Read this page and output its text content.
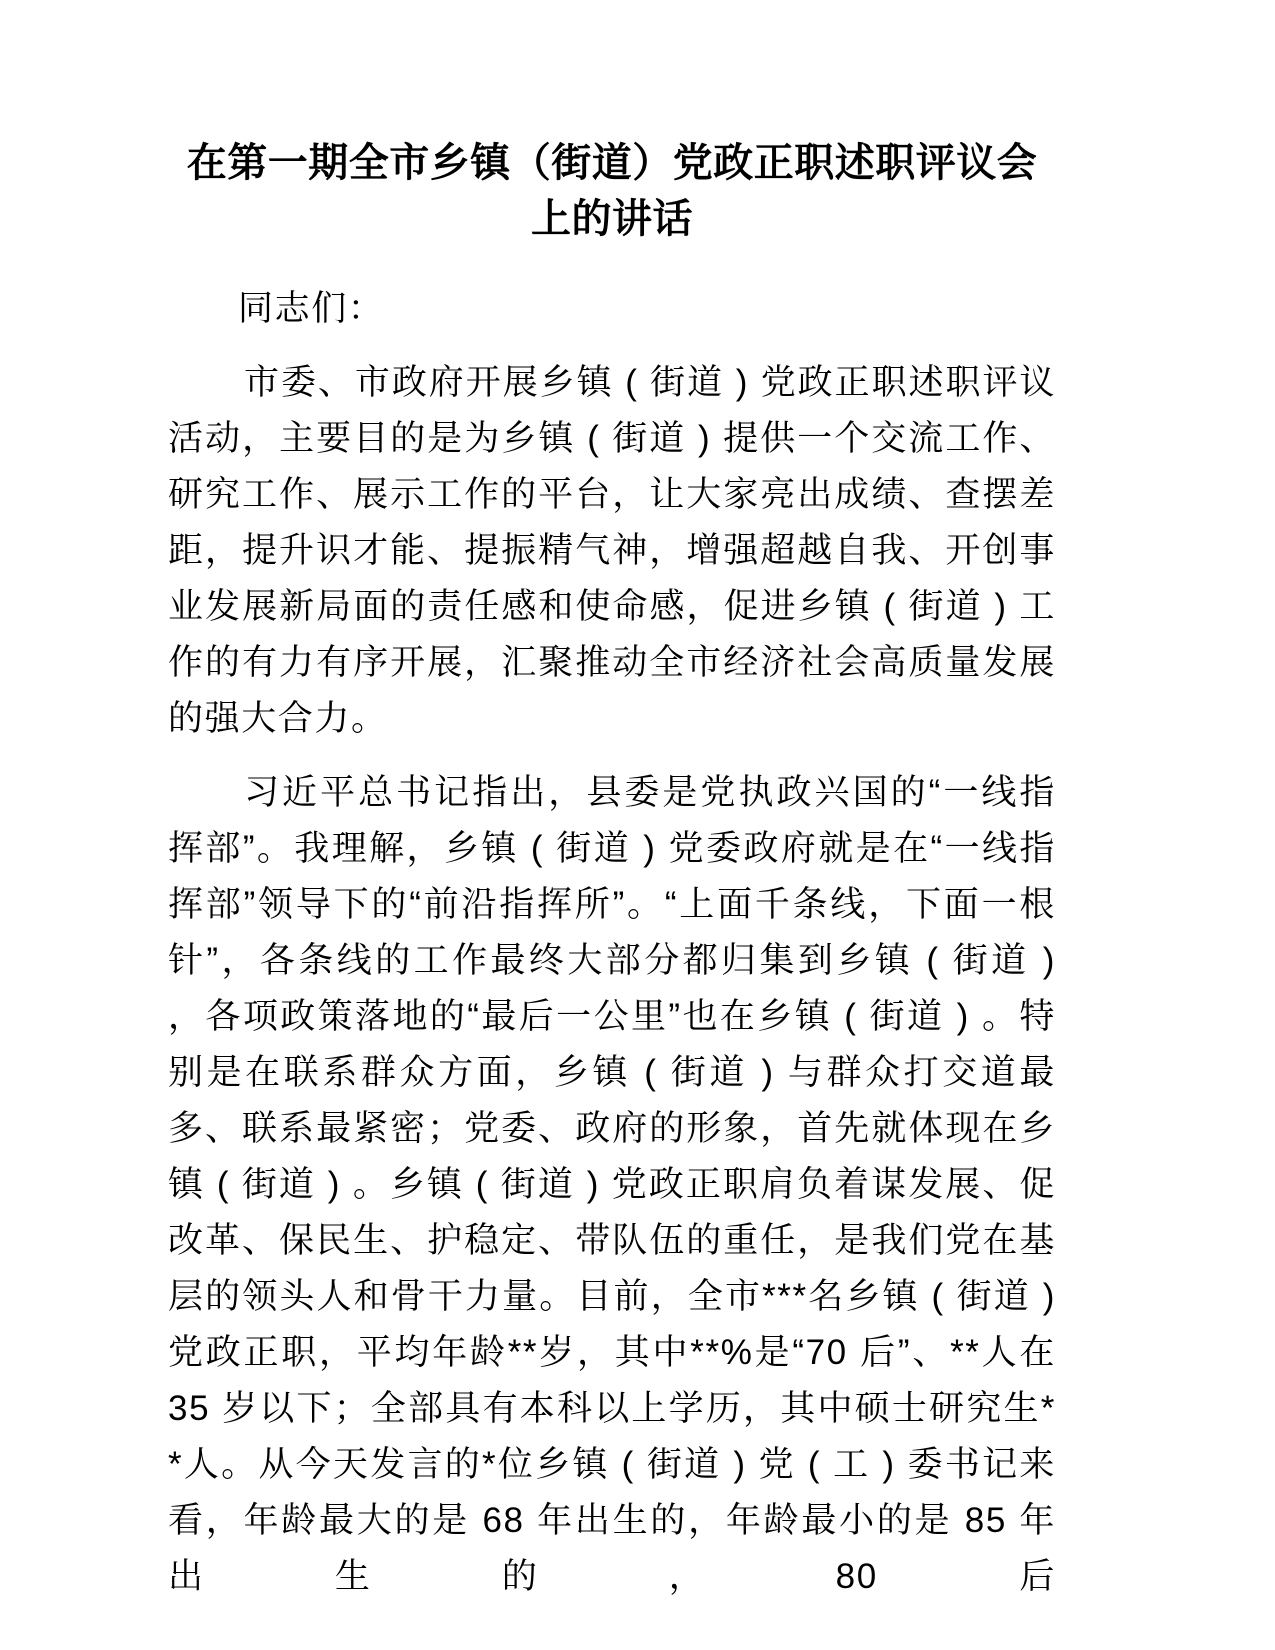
在第一期全市乡镇（街道）党政正职述职评议会上的讲话

同志们：

市委、市政府开展乡镇 ( 街道 ) 党政正职述职评议活动，主要目的是为乡镇 ( 街道 ) 提供一个交流工作、研究工作、展示工作的平台，让大家亮出成绩、查摆差距，提升识才能、提振精气神，增强超越自我、开创事业发展新局面的责任感和使命感，促进乡镇 ( 街道 ) 工作的有力有序开展，汇聚推动全市经济社会高质量发展的强大合力。

习近平总书记指出，县委是党执政兴国的“一线指挥部”。我理解，乡镇 ( 街道 ) 党委政府就是在“一线指挥部”领导下的“前沿指挥所”。“上面千条线，下面一根针”，各条线的工作最终大部分都归集到乡镇 ( 街道 ) ，各项政策落地的“最后一公里”也在乡镇 ( 街道 ) 。特别是在联系群众方面，乡镇 ( 街道 ) 与群众打交道最多、联系最紧密；党委、政府的形象，首先就体现在乡镇 ( 街道 ) 。乡镇 ( 街道 ) 党政正职肩负着谋发展、促改革、保民生、护稳定、带队伍的重任，是我们党在基层的领头人和骨干力量。目前，全市***名乡镇 ( 街道 ) 党政正职，平均年龄**岁，其中**%是“70 后”、**人在 35 岁以下；全部具有本科以上学历，其中硕士研究生**人。从今天发言的*位乡镇 ( 街道 ) 党 ( 工 ) 委书记来看，年龄最大的是 68 年出生的，年龄最小的是 85 年出生的，80 后
